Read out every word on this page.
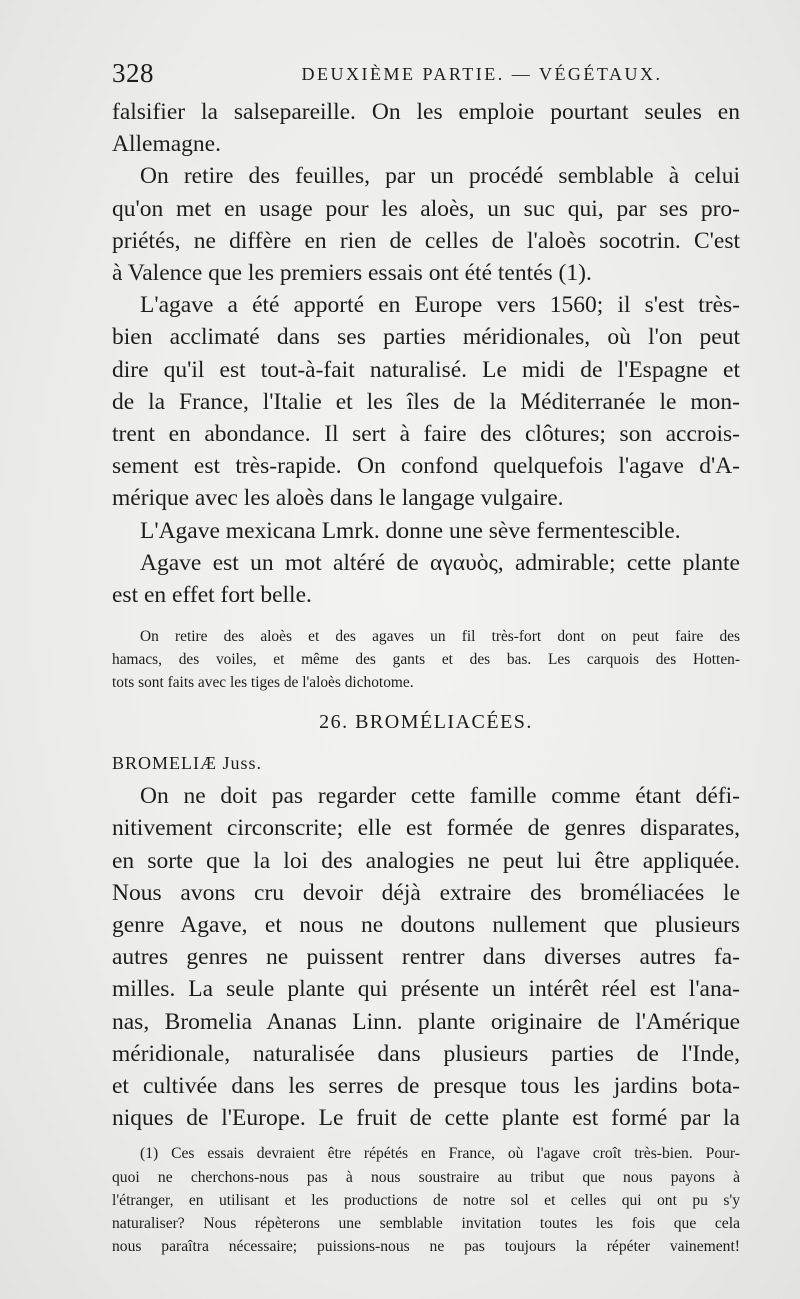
328	DEUXIÈME PARTIE. — VÉGÉTAUX.
falsifier la salsepareille. On les emploie pourtant seules en
Allemagne.
On retire des feuilles, par un procédé semblable à celui
qu'on met en usage pour les aloès, un suc qui, par ses pro-
priétés, ne diffère en rien de celles de l'aloès socotrin. C'est
à Valence que les premiers essais ont été tentés (1).
L'agave a été apporté en Europe vers 1560; il s'est très-
bien acclimaté dans ses parties méridionales, où l'on peut
dire qu'il est tout-à-fait naturalisé. Le midi de l'Espagne et
de la France, l'Italie et les îles de la Méditerranée le mon-
trent en abondance. Il sert à faire des clôtures; son accrois-
sement est très-rapide. On confond quelquefois l'agave d'A-
mérique avec les aloès dans le langage vulgaire.
L'Agave mexicana Lmrk. donne une sève fermentescible.
Agave est un mot altéré de αγαυὸς, admirable; cette plante
est en effet fort belle.
On retire des aloès et des agaves un fil très-fort dont on peut faire des
hamacs, des voiles, et même des gants et des bas. Les carquois des Hotten-
tots sont faits avec les tiges de l'aloès dichotome.
26. BROMÉLIACÉES.
BROMELIÆ Juss.
On ne doit pas regarder cette famille comme étant défi-
nitivement circonscrite; elle est formée de genres disparates,
en sorte que la loi des analogies ne peut lui être appliquée.
Nous avons cru devoir déjà extraire des broméliacées le
genre Agave, et nous ne doutons nullement que plusieurs
autres genres ne puissent rentrer dans diverses autres fa-
milles. La seule plante qui présente un intérêt réel est l'ana-
nas, Bromelia Ananas Linn. plante originaire de l'Amérique
méridionale, naturalisée dans plusieurs parties de l'Inde,
et cultivée dans les serres de presque tous les jardins bota-
niques de l'Europe. Le fruit de cette plante est formé par la
(1) Ces essais devraient être répétés en France, où l'agave croît très-bien. Pour-
quoi ne cherchons-nous pas à nous soustraire au tribut que nous payons à
l'étranger, en utilisant et les productions de notre sol et celles qui ont pu s'y
naturaliser? Nous répèterons une semblable invitation toutes les fois que cela
nous paraîtra nécessaire; puissions-nous ne pas toujours la répéter vainement!
